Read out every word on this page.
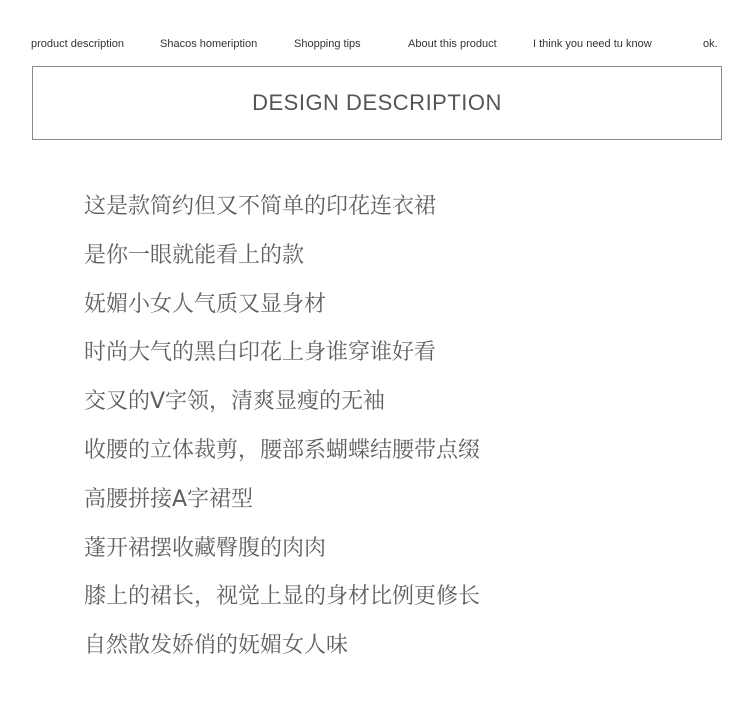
product description	Shacos homeription	Shopping tips	About this product	I think you need tu know	ok.
DESIGN DESCRIPTION
这是款简约但又不简单的印花连衣裙
是你一眼就能看上的款
妩媚小女人气质又显身材
时尚大气的黑白印花上身谁穿谁好看
交叉的V字领，清爽显瘦的无袖
收腰的立体裁剪，腰部系蝴蝶结腰带点缀
高腰拼接A字裙型
蓬开裙摆收藏臀腹的肉肉
膝上的裙长，视觉上显的身材比例更修长
自然散发娇俏的妩媚女人味
